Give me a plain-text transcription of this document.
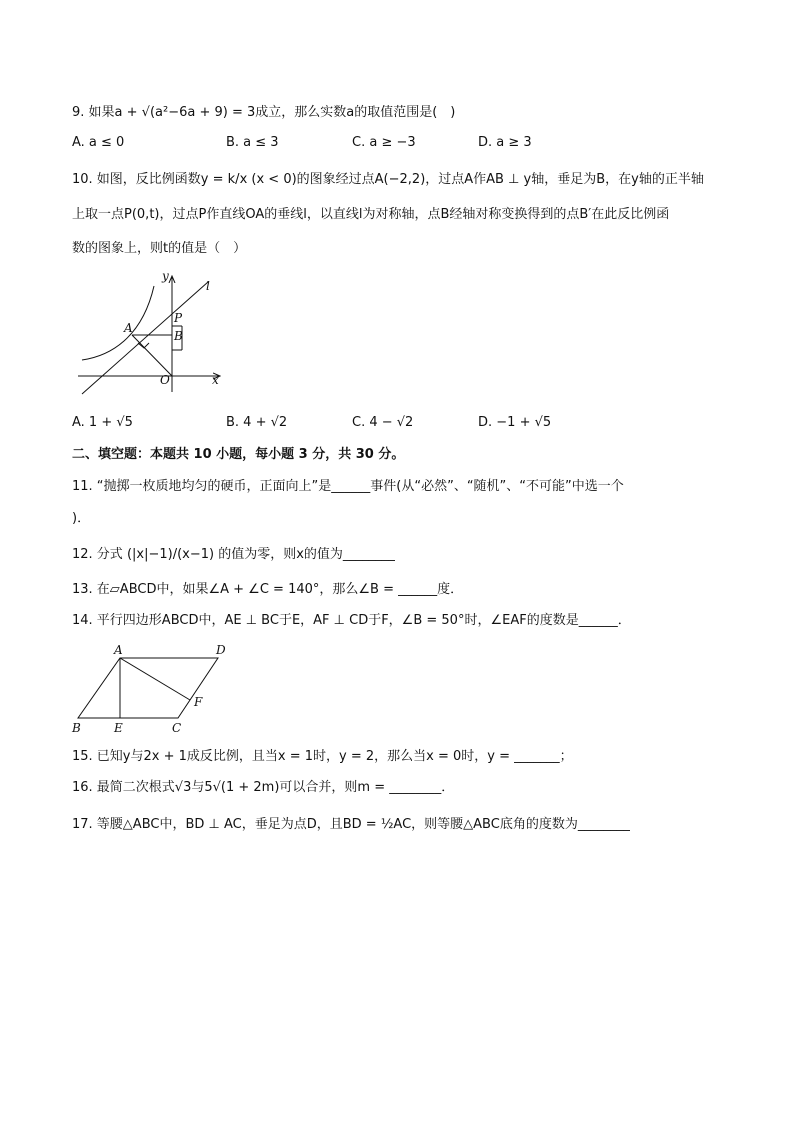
9. 如果a + √(a²−6a + 9) = 3成立，那么实数a的取值范围是(　)
A. a ≤ 0	B. a ≤ 3	C. a ≥ −3	D. a ≥ 3
10. 如图，反比例函数y = k/x (x < 0)的图象经过点A(−2,2)，过点A作AB ⊥ y轴，垂足为B，在y轴的正半轴
上取一点P(0,t)，过点P作直线OA的垂线l，以直线l为对称轴，点B经轴对称变换得到的点B′在此反比例函
数的图象上，则t的值是（　）
y
l
A
P
B
O	x
A. 1 + √5	B. 4 + √2	C. 4 − √2	D. −1 + √5
二、填空题：本题共 10 小题，每小题 3 分，共 30 分。
11. “抛掷一枚质地均匀的硬币，正面向上”是______事件(从“必然”、“随机”、“不可能”中选一个
)．
12. 分式 (|x|−1)/(x−1) 的值为零，则x的值为________
13. 在▱ABCD中，如果∠A + ∠C = 140°，那么∠B = ______度．
14. 平行四边形ABCD中，AE ⊥ BC于E，AF ⊥ CD于F，∠B = 50°时，∠EAF的度数是______．
A	D
F
B	E	C
15. 已知y与2x + 1成反比例，且当x = 1时，y = 2，那么当x = 0时，y = _______；
16. 最简二次根式√3与5√(1 + 2m)可以合并，则m = ________．
17. 等腰△ABC中，BD ⊥ AC，垂足为点D，且BD = ½AC，则等腰△ABC底角的度数为________
